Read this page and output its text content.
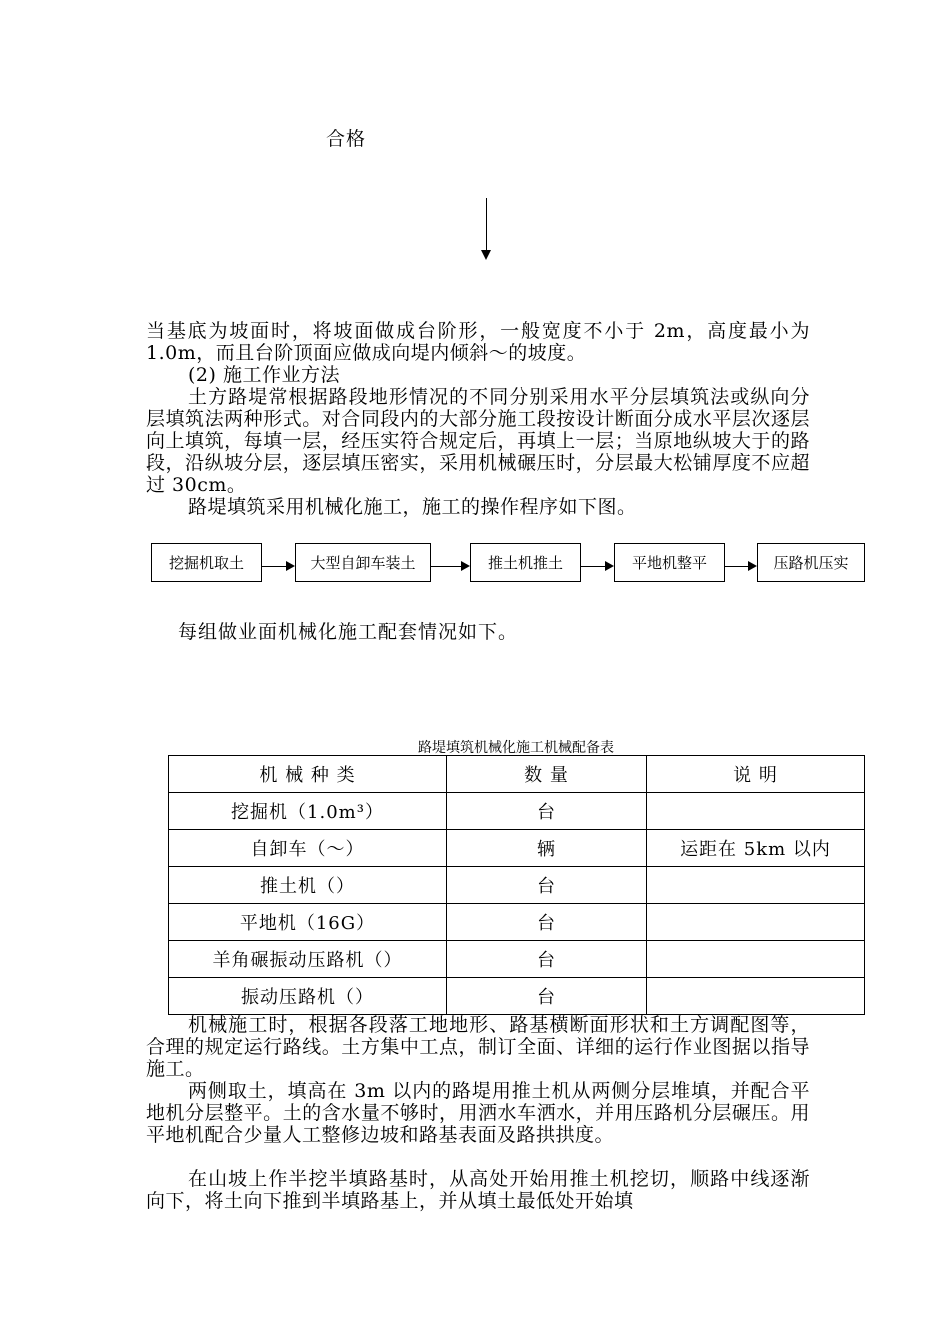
合格

当基底为坡面时，将坡面做成台阶形，一般宽度不小于 2m，高度最小为 1.0m，而且台阶顶面应做成向堤内倾斜～的坡度。

(2) 施工作业方法

土方路堤常根据路段地形情况的不同分别采用水平分层填筑法或纵向分层填筑法两种形式。对合同段内的大部分施工段按设计断面分成水平层次逐层向上填筑，每填一层，经压实符合规定后，再填上一层；当原地纵坡大于的路段，沿纵坡分层，逐层填压密实，采用机械碾压时，分层最大松铺厚度不应超过 30cm。

路堤填筑采用机械化施工，施工的操作程序如下图。

挖掘机取土	大型自卸车装土	推土机推土	平地机整平	压路机压实
每组做业面机械化施工配套情况如下。
路堤填筑机械化施工机械配备表
机 械 种 类	数 量	说 明
挖掘机（1.0m³）	台	
自卸车（～）	辆	运距在 5km 以内
推土机（）	台	
平地机（16G）	台	
羊角碾振动压路机（）	台	
振动压路机（）	台	

机械施工时，根据各段落工地地形、路基横断面形状和土方调配图等，合理的规定运行路线。土方集中工点，制订全面、详细的运行作业图据以指导施工。

两侧取土，填高在 3m 以内的路堤用推土机从两侧分层堆填，并配合平地机分层整平。土的含水量不够时，用洒水车洒水，并用压路机分层碾压。用平地机配合少量人工整修边坡和路基表面及路拱拱度。

在山坡上作半挖半填路基时，从高处开始用推土机挖切，顺路中线逐渐向下，将土向下推到半填路基上，并从填土最低处开始填
